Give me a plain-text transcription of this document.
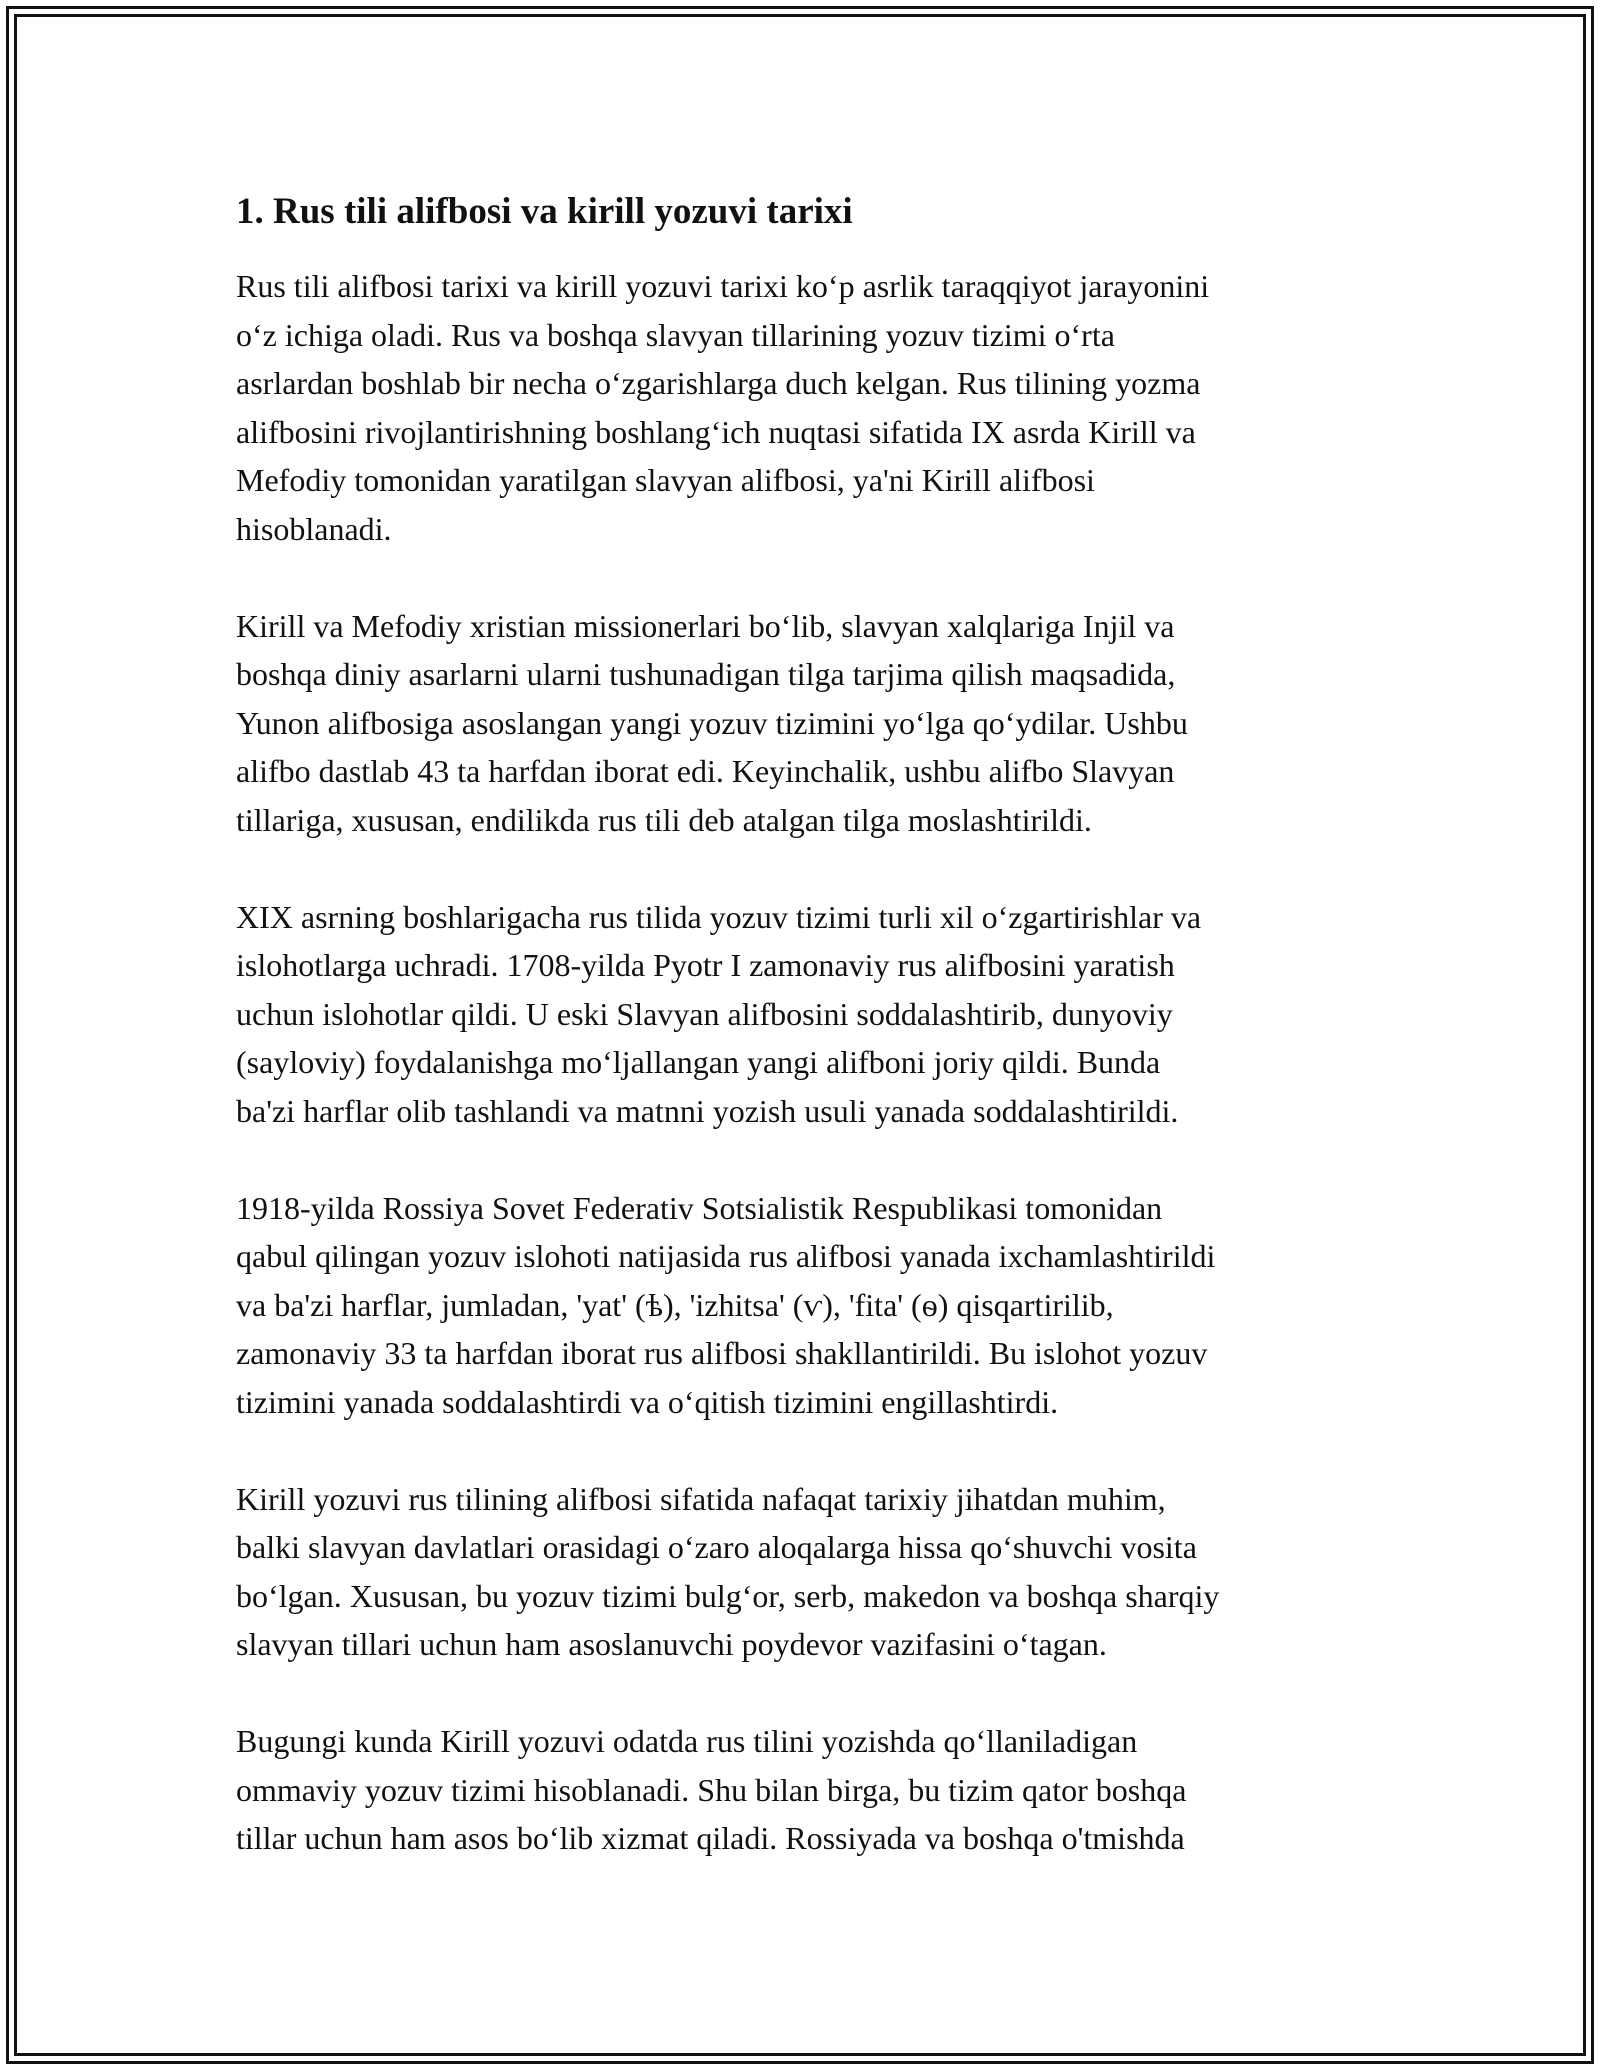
1. Rus tili alifbosi va kirill yozuvi tarixi

Rus tili alifbosi tarixi va kirill yozuvi tarixi ko‘p asrlik taraqqiyot jarayonini
o‘z ichiga oladi. Rus va boshqa slavyan tillarining yozuv tizimi o‘rta
asrlardan boshlab bir necha o‘zgarishlarga duch kelgan. Rus tilining yozma
alifbosini rivojlantirishning boshlang‘ich nuqtasi sifatida IX asrda Kirill va
Mefodiy tomonidan yaratilgan slavyan alifbosi, ya'ni Kirill alifbosi
hisoblanadi.

Kirill va Mefodiy xristian missionerlari bo‘lib, slavyan xalqlariga Injil va
boshqa diniy asarlarni ularni tushunadigan tilga tarjima qilish maqsadida,
Yunon alifbosiga asoslangan yangi yozuv tizimini yo‘lga qo‘ydilar. Ushbu
alifbo dastlab 43 ta harfdan iborat edi. Keyinchalik, ushbu alifbo Slavyan
tillariga, xususan, endilikda rus tili deb atalgan tilga moslashtirildi.

XIX asrning boshlarigacha rus tilida yozuv tizimi turli xil o‘zgartirishlar va
islohotlarga uchradi. 1708-yilda Pyotr I zamonaviy rus alifbosini yaratish
uchun islohotlar qildi. U eski Slavyan alifbosini soddalashtirib, dunyoviy
(sayloviy) foydalanishga mo‘ljallangan yangi alifboni joriy qildi. Bunda
ba'zi harflar olib tashlandi va matnni yozish usuli yanada soddalashtirildi.

1918-yilda Rossiya Sovet Federativ Sotsialistik Respublikasi tomonidan
qabul qilingan yozuv islohoti natijasida rus alifbosi yanada ixchamlashtirildi
va ba'zi harflar, jumladan, 'yat' (ѣ), 'izhitsa' (ѵ), 'fita' (ѳ) qisqartirilib,
zamonaviy 33 ta harfdan iborat rus alifbosi shakllantirildi. Bu islohot yozuv
tizimini yanada soddalashtirdi va o‘qitish tizimini engillashtirdi.

Kirill yozuvi rus tilining alifbosi sifatida nafaqat tarixiy jihatdan muhim,
balki slavyan davlatlari orasidagi o‘zaro aloqalarga hissa qo‘shuvchi vosita
bo‘lgan. Xususan, bu yozuv tizimi bulg‘or, serb, makedon va boshqa sharqiy
slavyan tillari uchun ham asoslanuvchi poydevor vazifasini o‘tagan.

Bugungi kunda Kirill yozuvi odatda rus tilini yozishda qo‘llaniladigan
ommaviy yozuv tizimi hisoblanadi. Shu bilan birga, bu tizim qator boshqa
tillar uchun ham asos bo‘lib xizmat qiladi. Rossiyada va boshqa o'tmishda
